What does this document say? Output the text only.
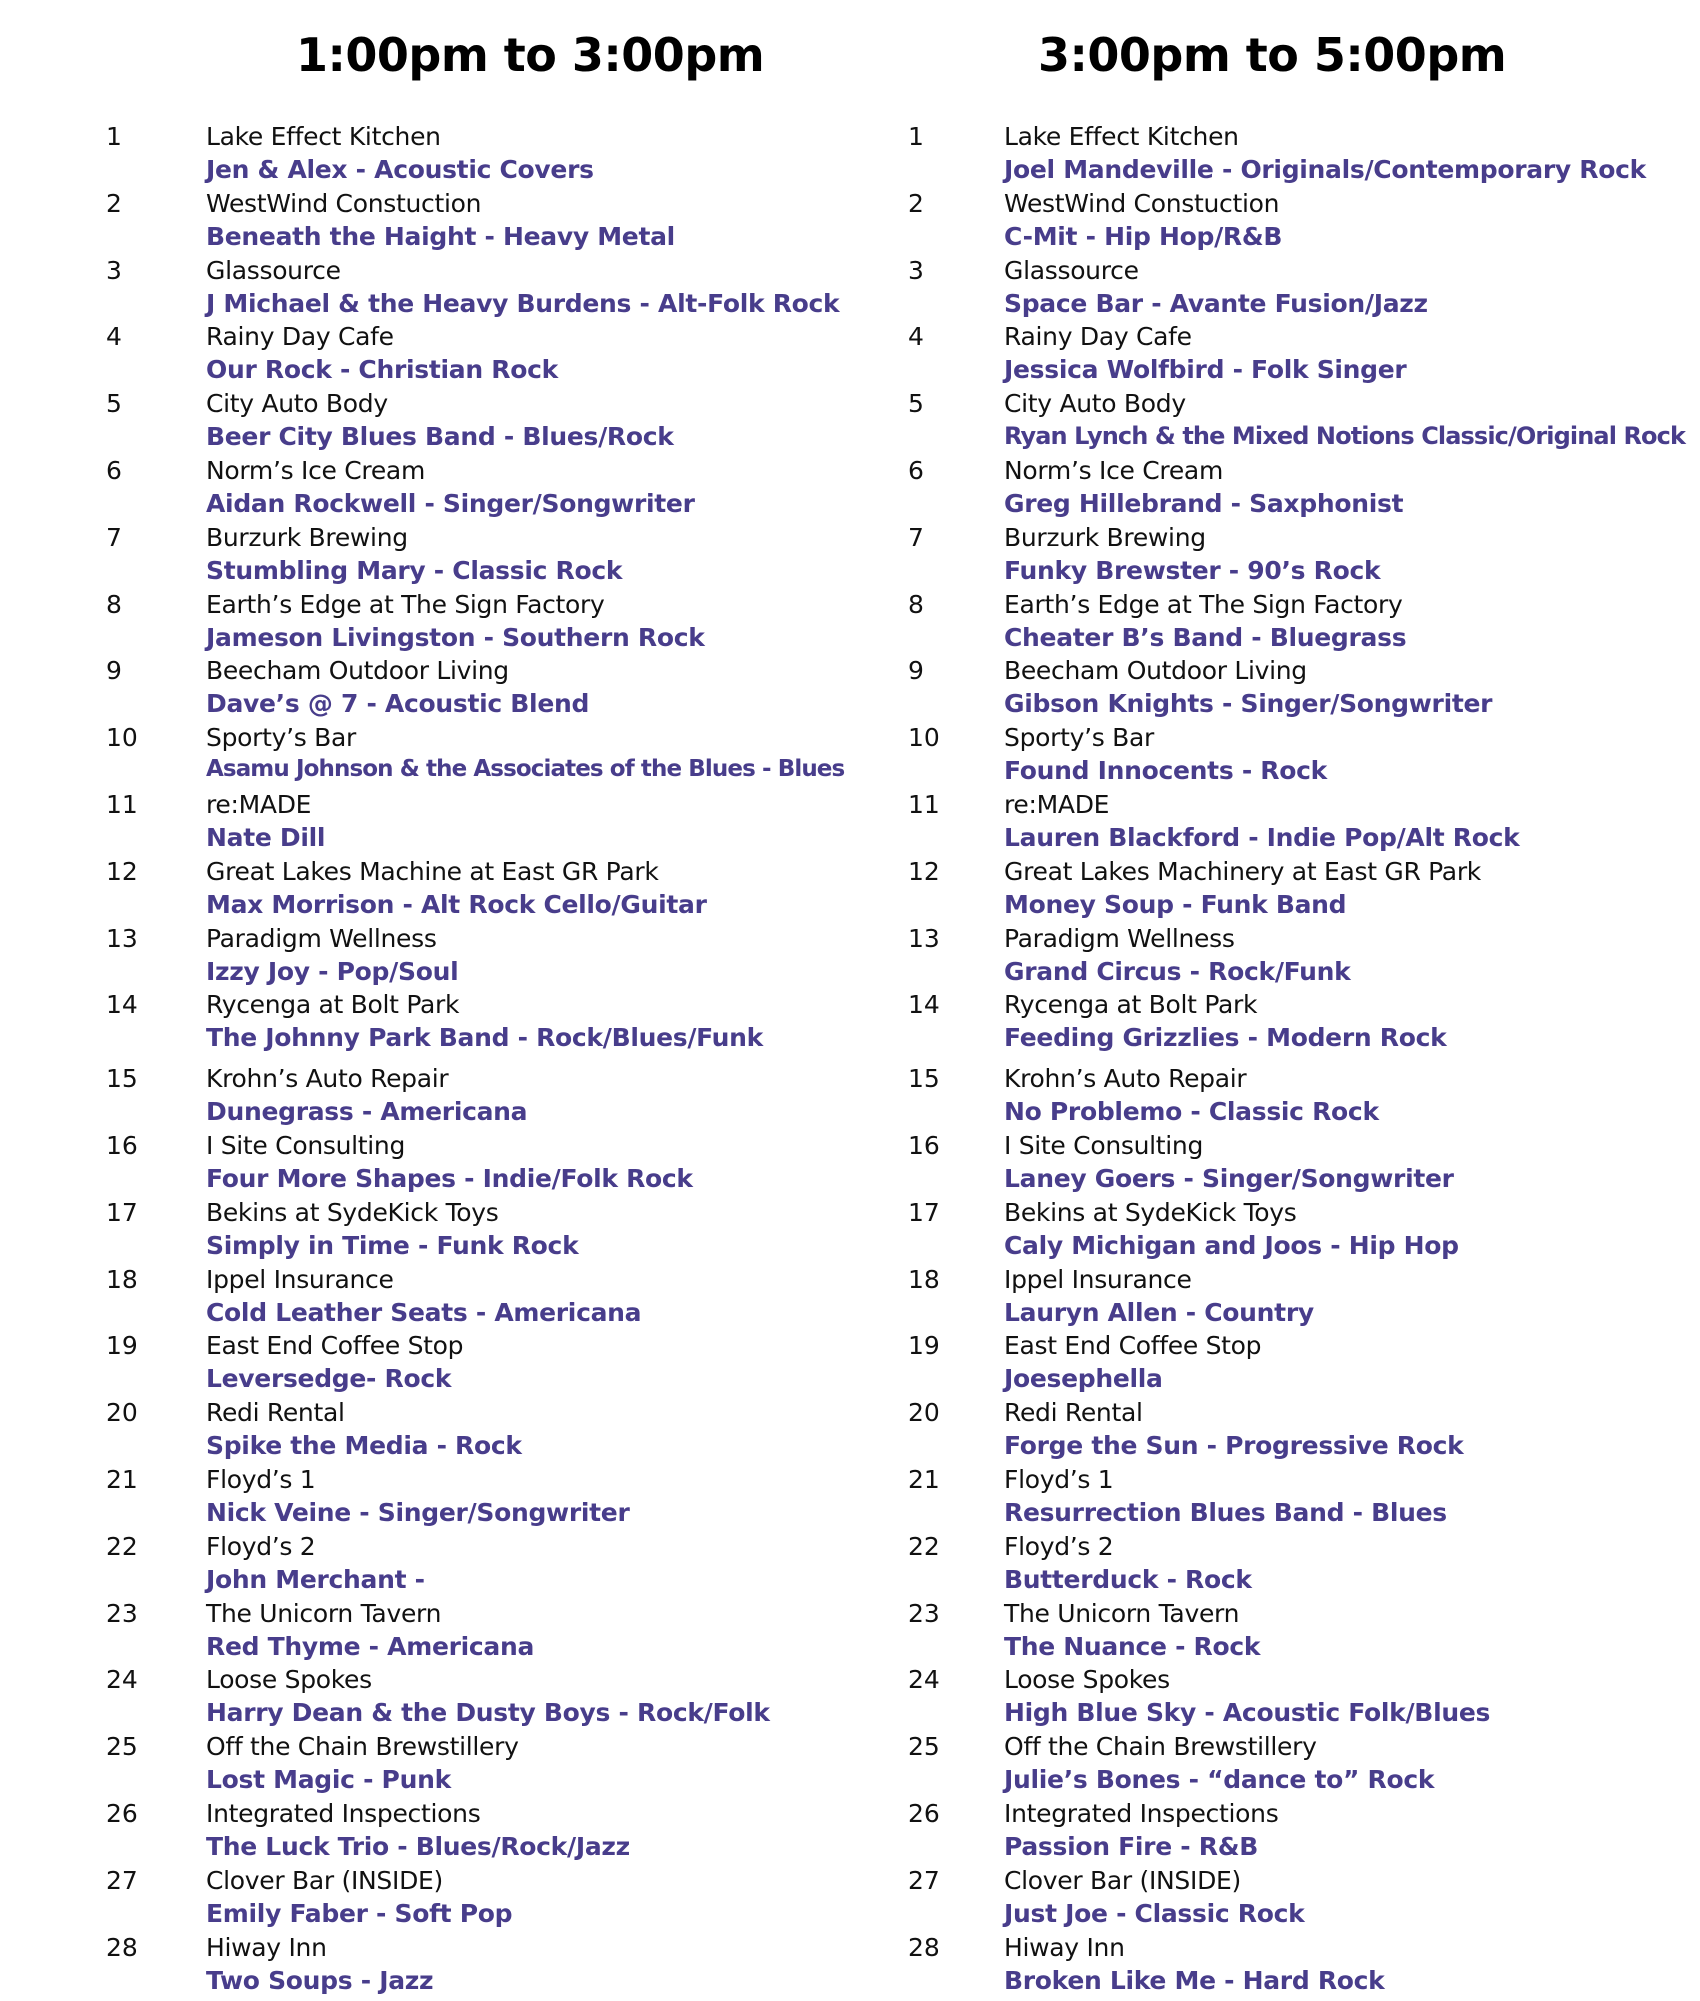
1:00pm to 3:00pm
1	Lake Effect Kitchen
Jen & Alex - Acoustic Covers
2	WestWind Constuction
Beneath the Haight - Heavy Metal
3	Glassource
J Michael & the Heavy Burdens - Alt-Folk Rock
4	Rainy Day Cafe
Our Rock - Christian Rock
5	City Auto Body
Beer City Blues Band - Blues/Rock
6	Norm’s Ice Cream
Aidan Rockwell - Singer/Songwriter
7	Burzurk Brewing
Stumbling Mary - Classic Rock
8	Earth’s Edge at The Sign Factory
Jameson Livingston - Southern Rock
9	Beecham Outdoor Living
Dave’s @ 7 - Acoustic Blend
10	Sporty’s Bar
Asamu Johnson & the Associates of the Blues - Blues
11	re:MADE
Nate Dill
12	Great Lakes Machine at East GR Park
Max Morrison - Alt Rock Cello/Guitar
13	Paradigm Wellness
Izzy Joy - Pop/Soul
14	Rycenga at Bolt Park
The Johnny Park Band - Rock/Blues/Funk
15	Krohn’s Auto Repair
Dunegrass - Americana
16	I Site Consulting
Four More Shapes - Indie/Folk Rock
17	Bekins at SydeKick Toys
Simply in Time - Funk Rock
18	Ippel Insurance
Cold Leather Seats - Americana
19	East End Coffee Stop
Leversedge- Rock
20	Redi Rental
Spike the Media - Rock
21	Floyd’s 1
Nick Veine - Singer/Songwriter
22	Floyd’s 2
John Merchant -
23	The Unicorn Tavern
Red Thyme - Americana
24	Loose Spokes
Harry Dean & the Dusty Boys - Rock/Folk
25	Off the Chain Brewstillery
Lost Magic - Punk
26	Integrated Inspections
The Luck Trio - Blues/Rock/Jazz
27	Clover Bar (INSIDE)
Emily Faber - Soft Pop
28	Hiway Inn
Two Soups - Jazz
3:00pm to 5:00pm
1	Lake Effect Kitchen
Joel Mandeville - Originals/Contemporary Rock
2	WestWind Constuction
C-Mit - Hip Hop/R&B
3	Glassource
Space Bar - Avante Fusion/Jazz
4	Rainy Day Cafe
Jessica Wolfbird - Folk Singer
5	City Auto Body
Ryan Lynch & the Mixed Notions Classic/Original Rock
6	Norm’s Ice Cream
Greg Hillebrand - Saxphonist
7	Burzurk Brewing
Funky Brewster - 90’s Rock
8	Earth’s Edge at The Sign Factory
Cheater B’s Band - Bluegrass
9	Beecham Outdoor Living
Gibson Knights - Singer/Songwriter
10	Sporty’s Bar
Found Innocents - Rock
11	re:MADE
Lauren Blackford - Indie Pop/Alt Rock
12	Great Lakes Machinery at East GR Park
Money Soup - Funk Band
13	Paradigm Wellness
Grand Circus - Rock/Funk
14	Rycenga at Bolt Park
Feeding Grizzlies - Modern Rock
15	Krohn’s Auto Repair
No Problemo - Classic Rock
16	I Site Consulting
Laney Goers - Singer/Songwriter
17	Bekins at SydeKick Toys
Caly Michigan and Joos - Hip Hop
18	Ippel Insurance
Lauryn Allen - Country
19	East End Coffee Stop
Joesephella
20	Redi Rental
Forge the Sun - Progressive Rock
21	Floyd’s 1
Resurrection Blues Band - Blues
22	Floyd’s 2
Butterduck - Rock
23	The Unicorn Tavern
The Nuance - Rock
24	Loose Spokes
High Blue Sky - Acoustic Folk/Blues
25	Off the Chain Brewstillery
Julie’s Bones - “dance to” Rock
26	Integrated Inspections
Passion Fire - R&B
27	Clover Bar (INSIDE)
Just Joe - Classic Rock
28	Hiway Inn
Broken Like Me - Hard Rock
